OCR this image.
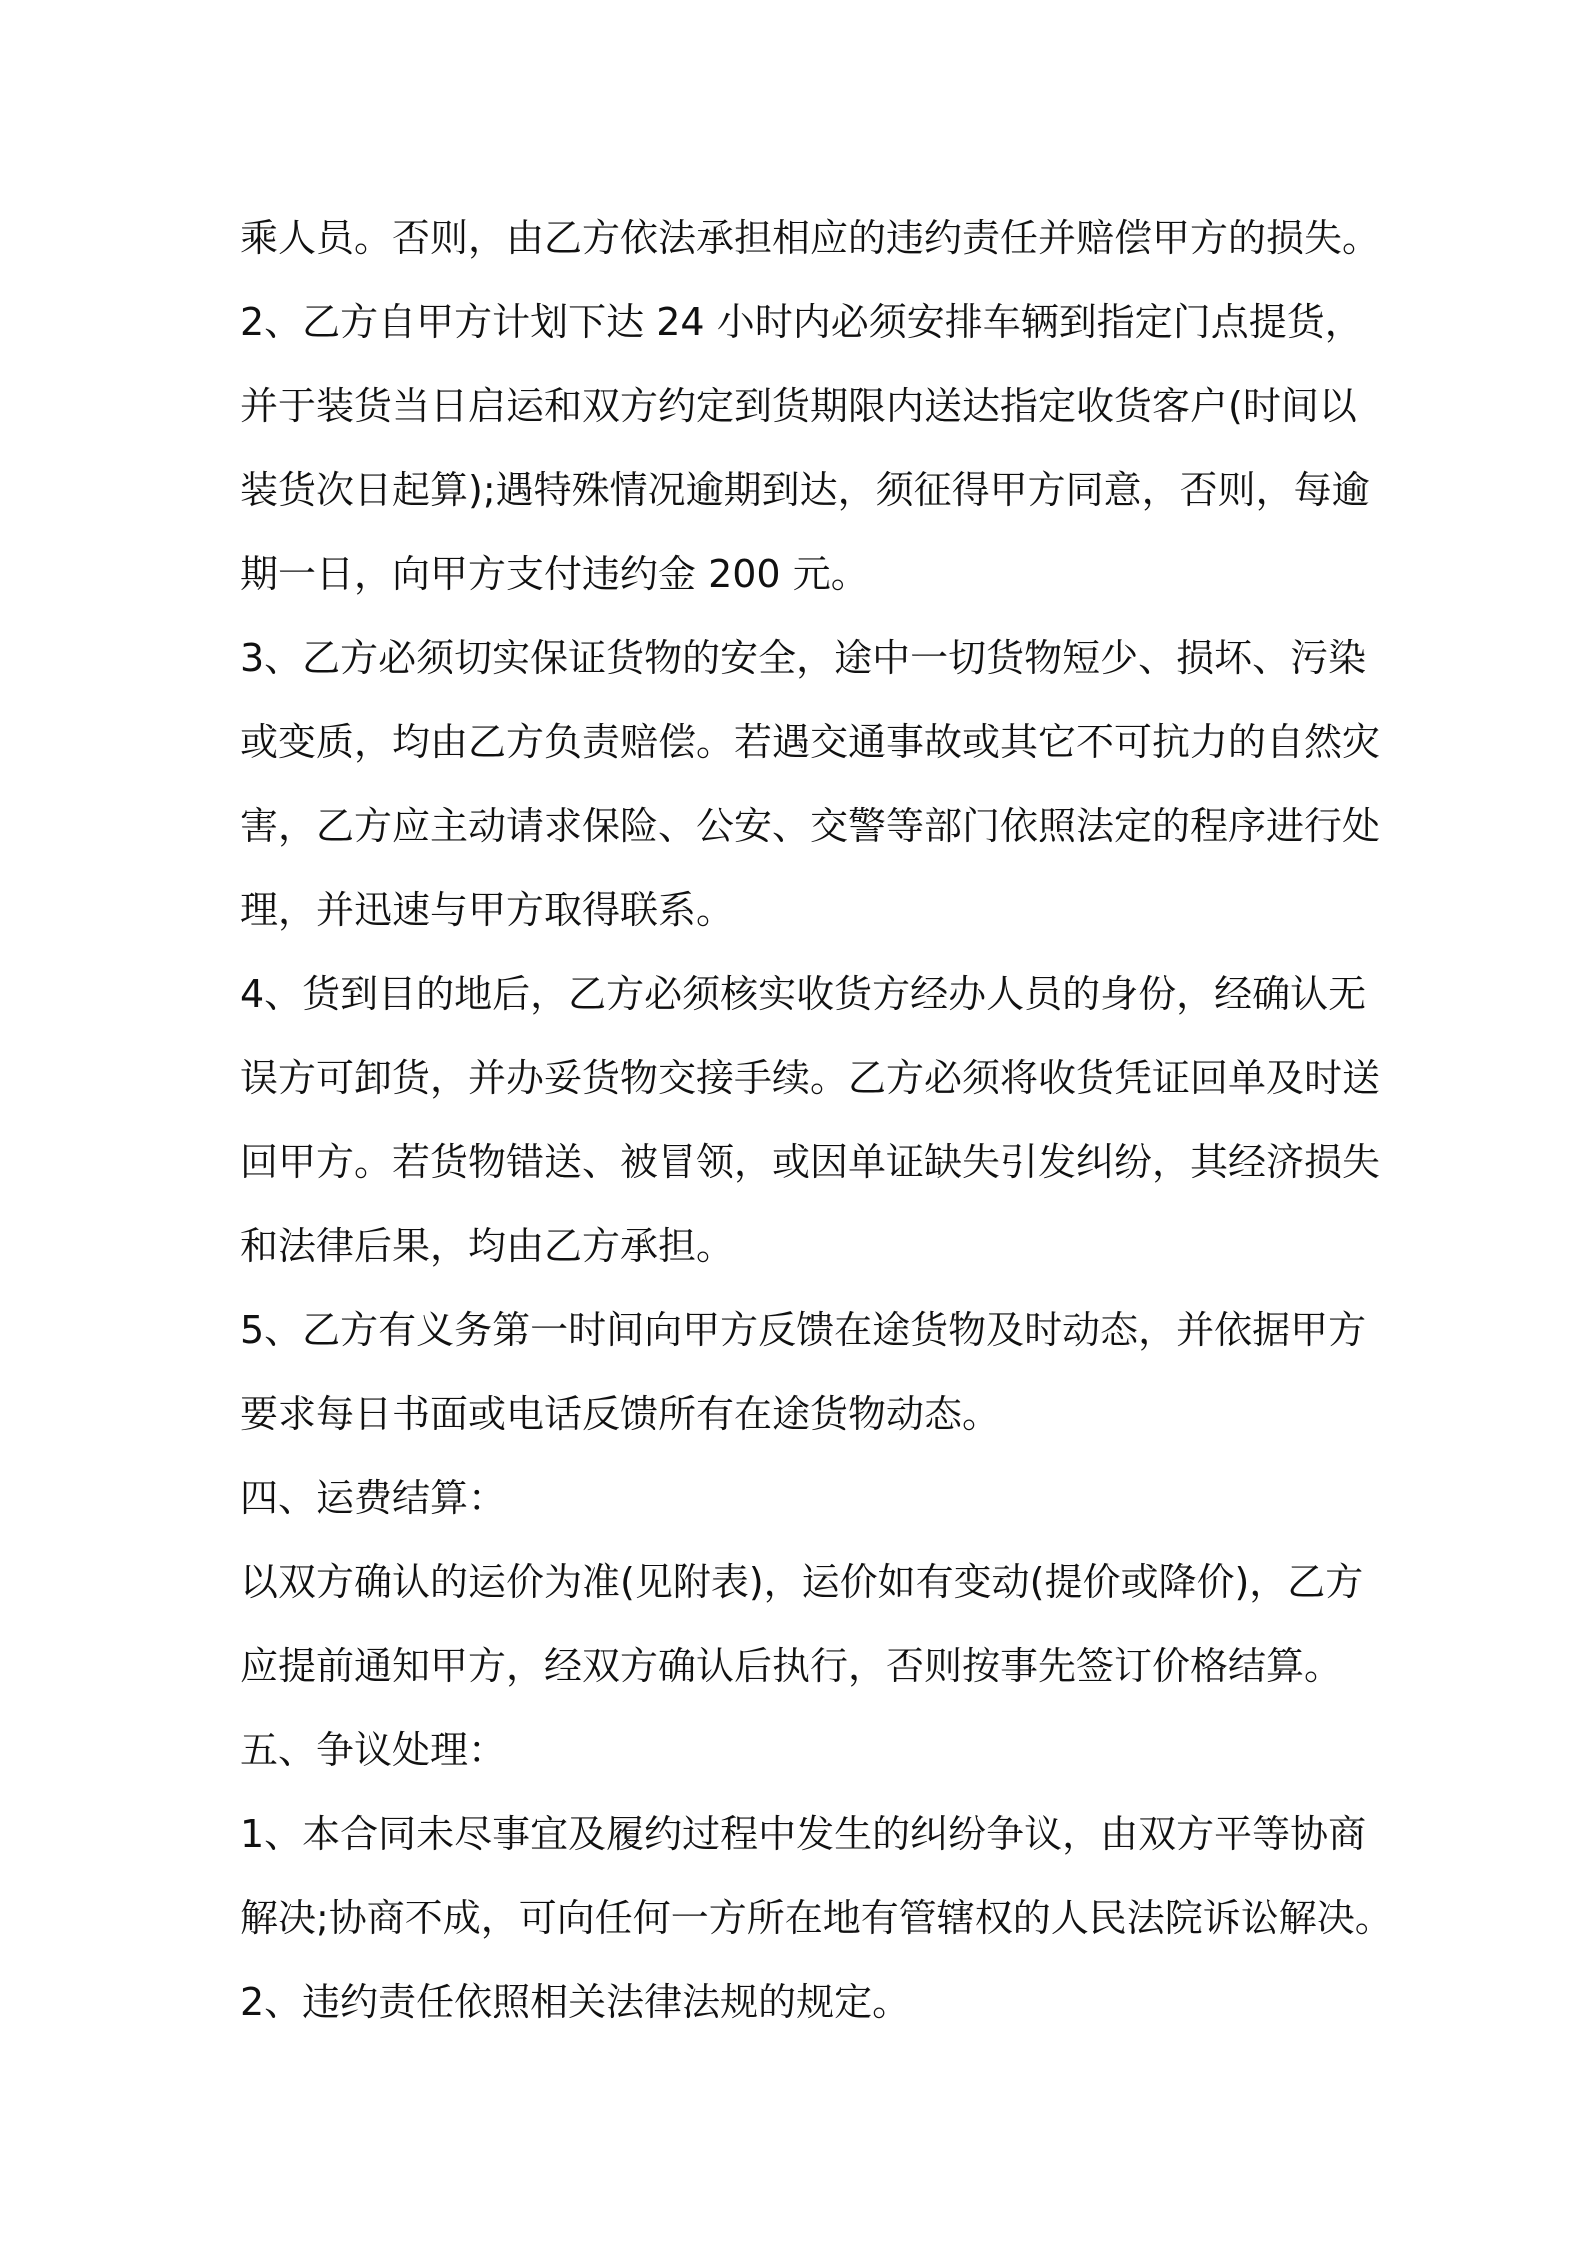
乘人员。否则，由乙方依法承担相应的违约责任并赔偿甲方的损失。
2、乙方自甲方计划下达 24 小时内必须安排车辆到指定门点提货，
并于装货当日启运和双方约定到货期限内送达指定收货客户(时间以
装货次日起算);遇特殊情况逾期到达，须征得甲方同意，否则，每逾
期一日，向甲方支付违约金 200 元。
3、乙方必须切实保证货物的安全，途中一切货物短少、损坏、污染
或变质，均由乙方负责赔偿。若遇交通事故或其它不可抗力的自然灾
害，乙方应主动请求保险、公安、交警等部门依照法定的程序进行处
理，并迅速与甲方取得联系。
4、货到目的地后，乙方必须核实收货方经办人员的身份，经确认无
误方可卸货，并办妥货物交接手续。乙方必须将收货凭证回单及时送
回甲方。若货物错送、被冒领，或因单证缺失引发纠纷，其经济损失
和法律后果，均由乙方承担。
5、乙方有义务第一时间向甲方反馈在途货物及时动态，并依据甲方
要求每日书面或电话反馈所有在途货物动态。
四、运费结算：
以双方确认的运价为准(见附表)，运价如有变动(提价或降价)，乙方
应提前通知甲方，经双方确认后执行，否则按事先签订价格结算。
五、争议处理：
1、本合同未尽事宜及履约过程中发生的纠纷争议，由双方平等协商
解决;协商不成，可向任何一方所在地有管辖权的人民法院诉讼解决。
2、违约责任依照相关法律法规的规定。
